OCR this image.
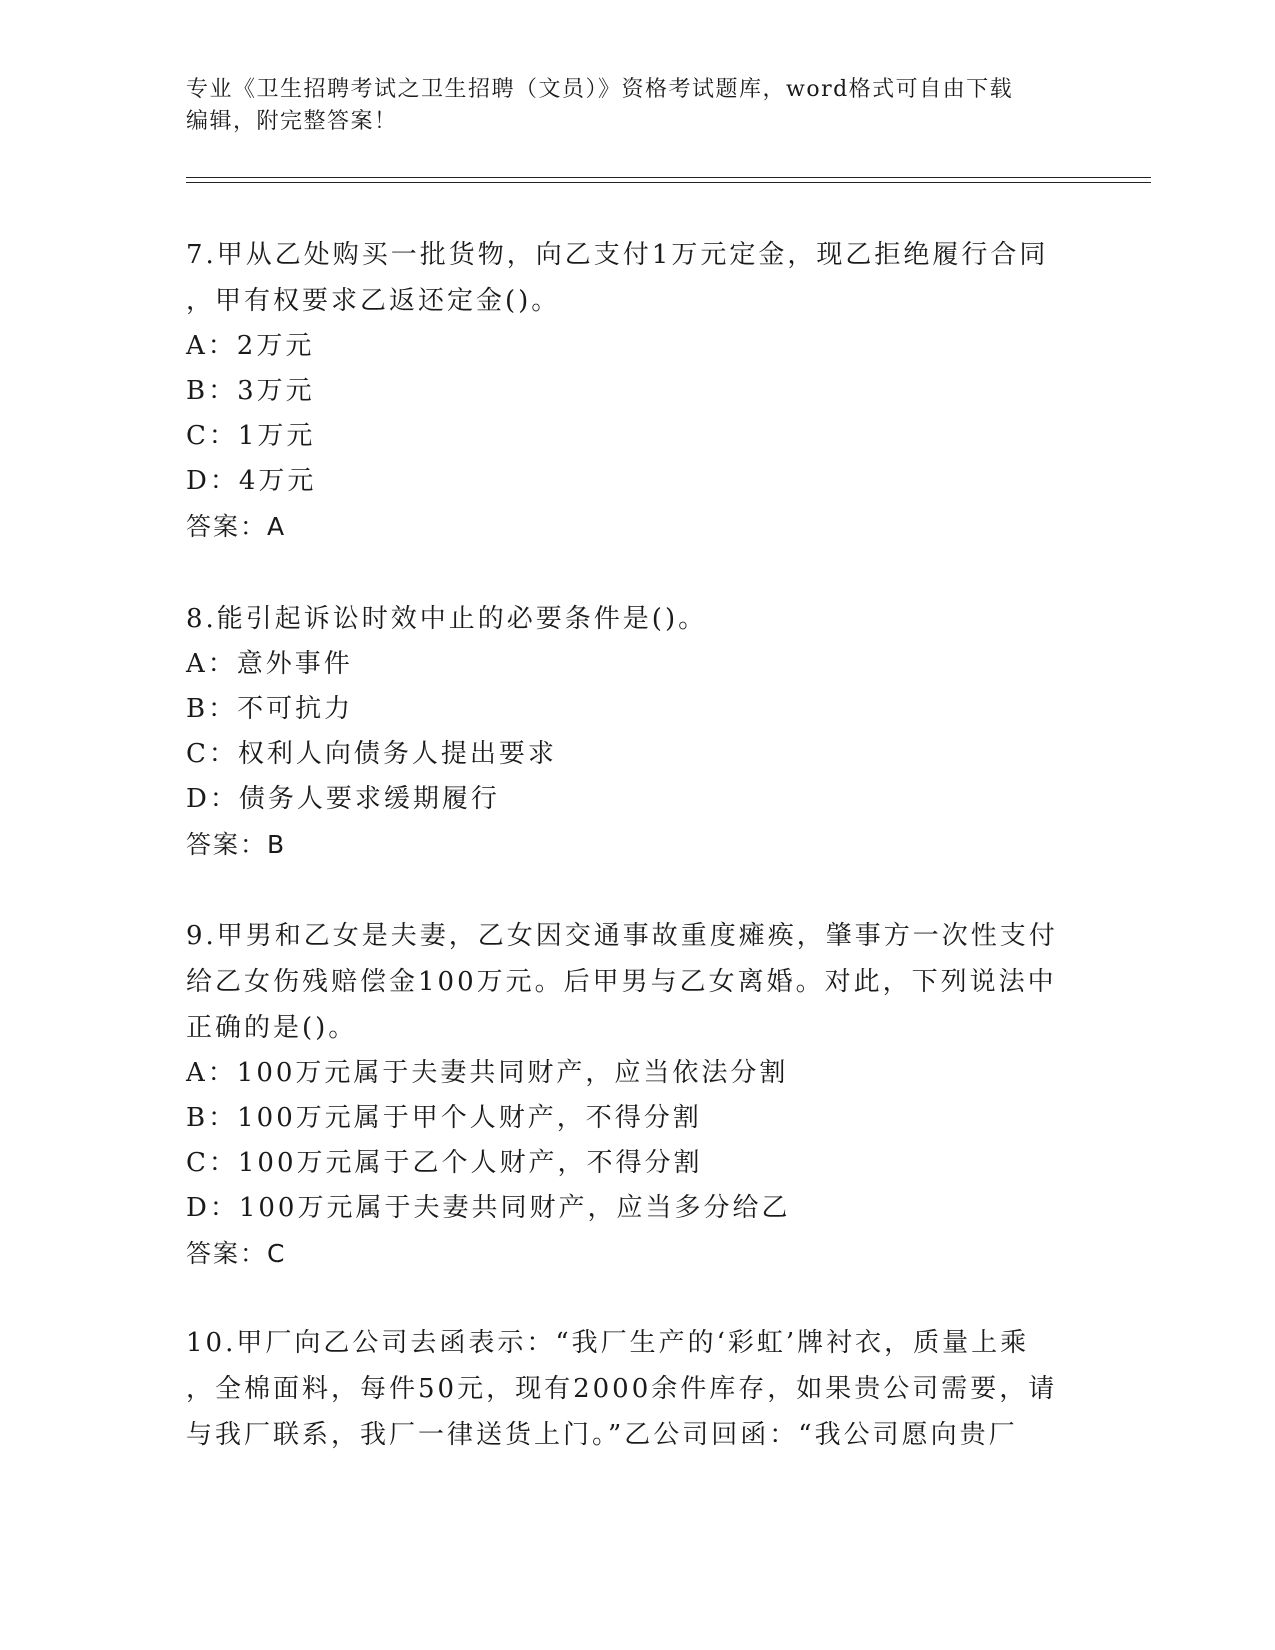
专业《卫生招聘考试之卫生招聘（文员）》资格考试题库，word格式可自由下载
编辑，附完整答案！
7.甲从乙处购买一批货物，向乙支付1万元定金，现乙拒绝履行合同
，甲有权要求乙返还定金()。
A：2万元
B：3万元
C：1万元
D：4万元
答案：A
8.能引起诉讼时效中止的必要条件是()。
A：意外事件
B：不可抗力
C：权利人向债务人提出要求
D：债务人要求缓期履行
答案：B
9.甲男和乙女是夫妻，乙女因交通事故重度瘫痪，肇事方一次性支付
给乙女伤残赔偿金100万元。后甲男与乙女离婚。对此，下列说法中
正确的是()。
A：100万元属于夫妻共同财产，应当依法分割
B：100万元属于甲个人财产，不得分割
C：100万元属于乙个人财产，不得分割
D：100万元属于夫妻共同财产，应当多分给乙
答案：C
10.甲厂向乙公司去函表示：“我厂生产的‘彩虹’牌衬衣，质量上乘
，全棉面料，每件50元，现有2000余件库存，如果贵公司需要，请
与我厂联系，我厂一律送货上门。”乙公司回函：“我公司愿向贵厂
